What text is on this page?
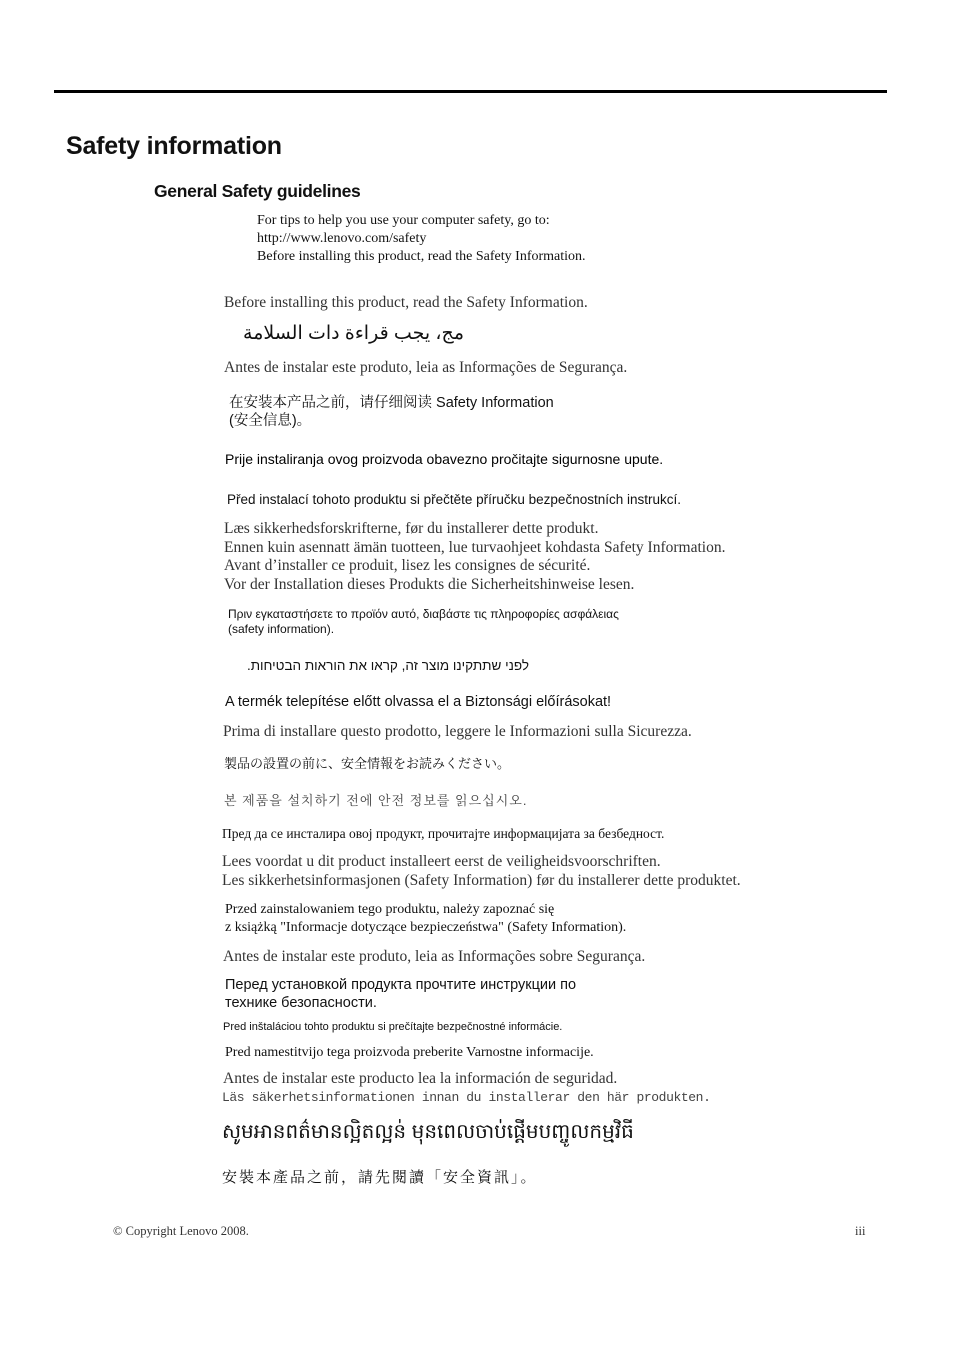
Safety information
General Safety guidelines
For tips to help you use your computer safety, go to:
http://www.lenovo.com/safety
Before installing this product, read the Safety Information.
Before installing this product, read the Safety Information.
مج، يجب قراءة دات السلامة
Antes de instalar este produto, leia as Informações de Segurança.
在安装本产品之前，请仔细阅读 Safety Information
(安全信息)。
Prije instaliranja ovog proizvoda obavezno pročitajte sigurnosne upute.
Před instalací tohoto produktu si přečtěte příručku bezpečnostních instrukcí.
Læs sikkerhedsforskrifterne, før du installerer dette produkt.
Ennen kuin asennatt ämän tuotteen, lue turvaohjeet kohdasta Safety Information.
Avant d’installer ce produit, lisez les consignes de sécurité.
Vor der Installation dieses Produkts die Sicherheitshinweise lesen.
Πριν εγκαταστήσετε το προϊόν αυτό, διαβάστε τις πληροφορίες ασφάλειας
(safety information).
לפני שתתקינו מוצר זה, קראו את הוראות הבטיחות.
A termék telepítése előtt olvassa el a Biztonsági előírásokat!
Prima di installare questo prodotto, leggere le Informazioni sulla Sicurezza.
製品の設置の前に、安全情報をお読みください。
본 제품을 설치하기 전에 안전 정보를 읽으십시오.
Пред да се инсталира овој продукт, прочитајте информацијата за безбедност.
Lees voordat u dit product installeert eerst de veiligheidsvoorschriften.
Les sikkerhetsinformasjonen (Safety Information) før du installerer dette produktet.
Przed zainstalowaniem tego produktu, należy zapoznać się
z książką "Informacje dotyczące bezpieczeństwa" (Safety Information).
Antes de instalar este produto, leia as Informações sobre Segurança.
Перед установкой продукта прочтите инструкции по
технике безопасности.
Pred inštaláciou tohto produktu si prečítajte bezpečnostné informácie.
Pred namestitvijo tega proizvoda preberite Varnostne informacije.
Antes de instalar este producto lea la información de seguridad.
Läs säkerhetsinformationen innan du installerar den här produkten.
សូមអានពត៌មានល្អិតល្អន់ មុនពេលចាប់ផ្តើមបញ្ចូលកម្មវិធី
安裝本產品之前，請先閱讀「安全資訊」。
© Copyright Lenovo 2008.	iii
